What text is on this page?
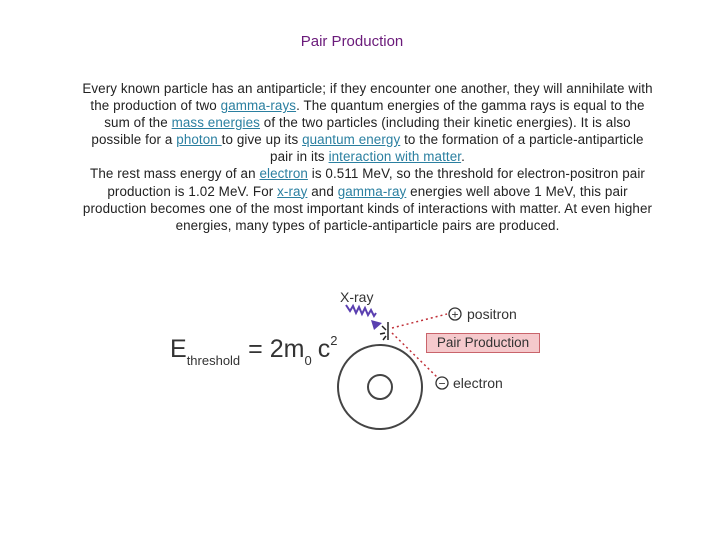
Pair Production

Every known particle has an antiparticle; if they encounter one another, they will annihilate with the production of two gamma-rays. The quantum energies of the gamma rays is equal to the sum of the mass energies of the two particles (including their kinetic energies). It is also possible for a photon to give up its quantum energy to the formation of a particle-antiparticle pair in its interaction with matter.

The rest mass energy of an electron is 0.511 MeV, so the threshold for electron-positron pair production is 1.02 MeV. For x-ray and gamma-ray energies well above 1 MeV, this pair production becomes one of the most important kinds of interactions with matter. At even higher energies, many types of particle-antiparticle pairs are produced.

+
−
X-ray
positron
electron
Pair Production
$E_{threshold} = 2m_0$ $c^2$
